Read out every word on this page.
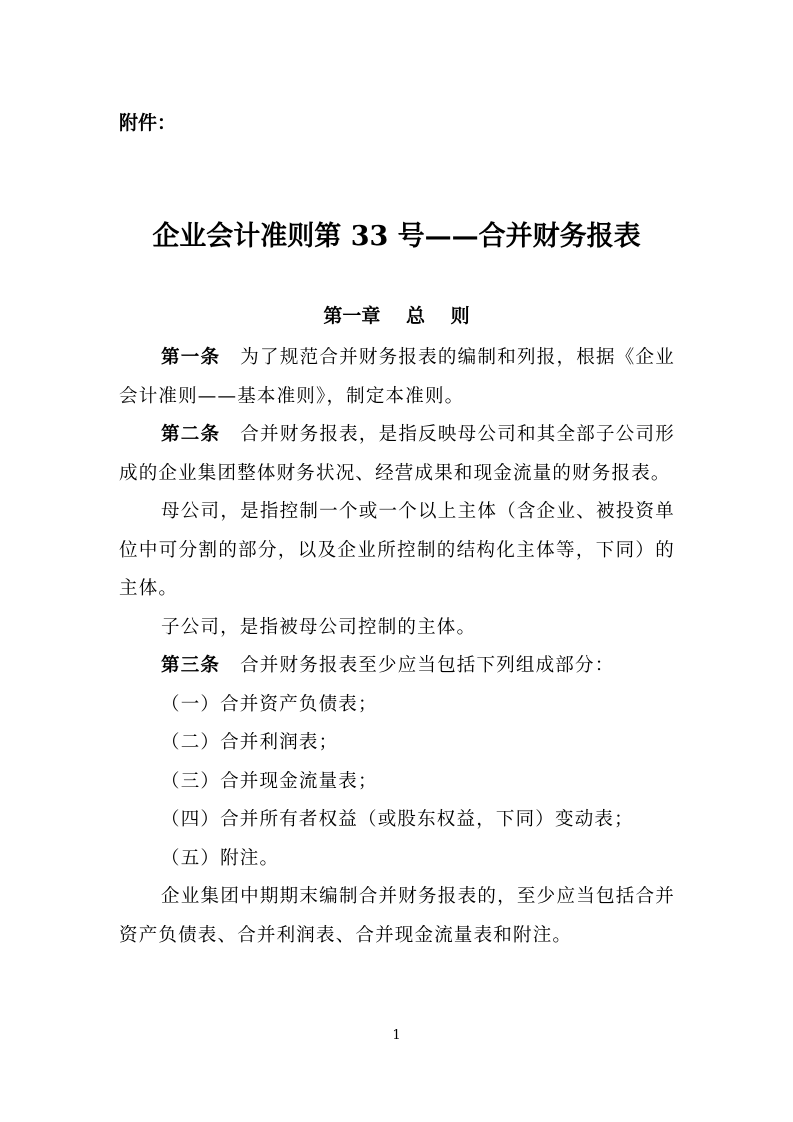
附件：

企业会计准则第 33 号——合并财务报表
第一章　 总　 则

第一条 为了规范合并财务报表的编制和列报，根据《企业会计准则——基本准则》，制定本准则。

第二条 合并财务报表，是指反映母公司和其全部子公司形成的企业集团整体财务状况、经营成果和现金流量的财务报表。

母公司，是指控制一个或一个以上主体（含企业、被投资单位中可分割的部分，以及企业所控制的结构化主体等，下同）的主体。

子公司，是指被母公司控制的主体。

第三条 合并财务报表至少应当包括下列组成部分：

（一）合并资产负债表；

（二）合并利润表；

（三）合并现金流量表；

（四）合并所有者权益（或股东权益，下同）变动表；

（五）附注。

企业集团中期期末编制合并财务报表的，至少应当包括合并资产负债表、合并利润表、合并现金流量表和附注。

1
